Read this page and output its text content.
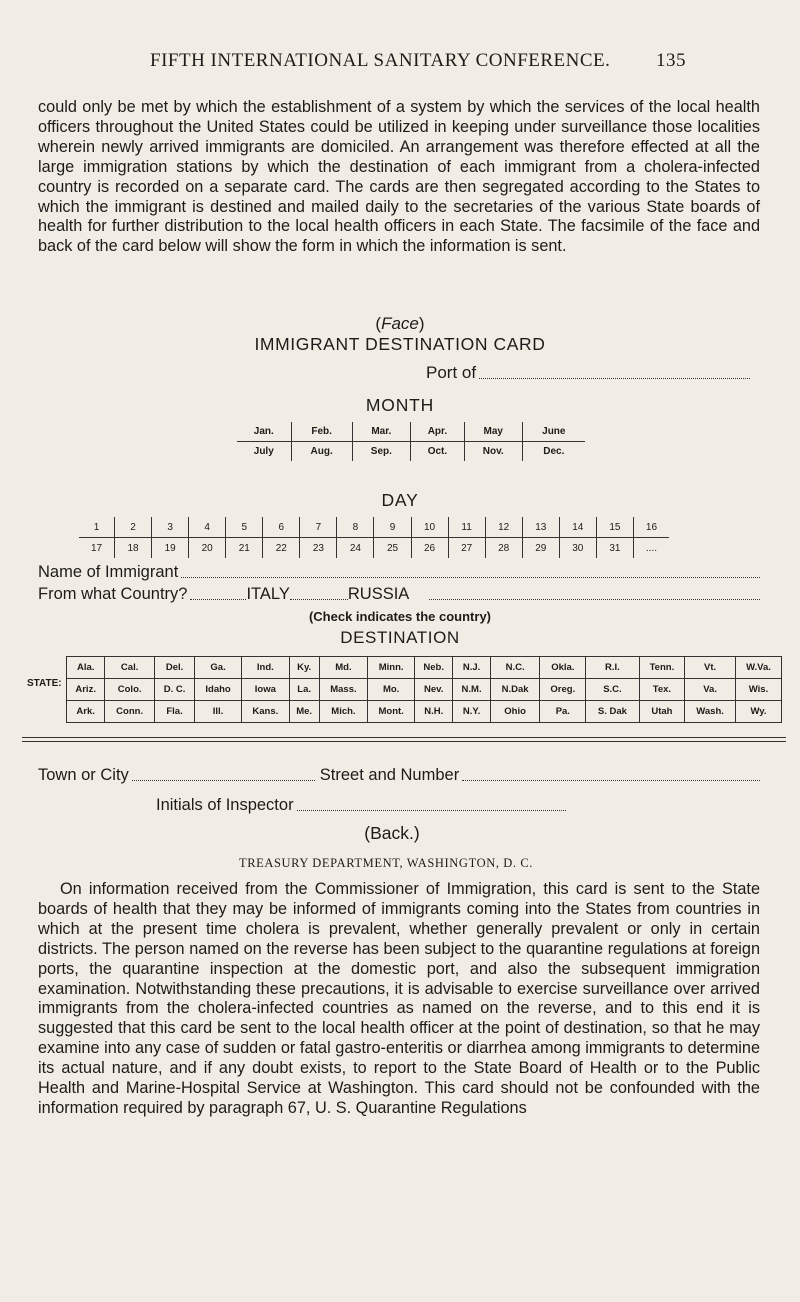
FIFTH INTERNATIONAL SANITARY CONFERENCE. 135
could only be met by which the establishment of a system by which the services of the local health officers throughout the United States could be utilized in keeping under surveillance those localities wherein newly arrived immigrants are domiciled. An arrangement was therefore effected at all the large immigration stations by which the destination of each immigrant from a cholera-infected country is recorded on a separate card. The cards are then segregated according to the States to which the immigrant is destined and mailed daily to the secretaries of the various State boards of health for further distribution to the local health officers in each State. The facsimile of the face and back of the card below will show the form in which the information is sent.
(Face)
IMMIGRANT DESTINATION CARD
Port of
MONTH
Jan.	Feb.	Mar.	Apr.	May	June
July	Aug.	Sep.	Oct.	Nov.	Dec.
DAY
1	2	3	4	5	6	7	8	9	10	11	12	13	14	15	16
17	18	19	20	21	22	23	24	25	26	27	28	29	30	31	....
Name of Immigrant
From what Country?	ITALY	RUSSIA
(Check indicates the country)
DESTINATION
STATE:
Ala.	Cal.	Del.	Ga.	Ind.	Ky.	Md.	Minn.	Neb.	N.J.	N.C.	Okla.	R.I.	Tenn.	Vt.	W.Va.
Ariz.	Colo.	D. C.	Idaho	Iowa	La.	Mass.	Mo.	Nev.	N.M.	N.Dak	Oreg.	S.C.	Tex.	Va.	Wis.
Ark.	Conn.	Fla.	Ill.	Kans.	Me.	Mich.	Mont.	N.H.	N.Y.	Ohio	Pa.	S. Dak	Utah	Wash.	Wy.
Town or City	Street and Number
Initials of Inspector
(Back.)
TREASURY DEPARTMENT, WASHINGTON, D. C.
On information received from the Commissioner of Immigration, this card is sent to the State boards of health that they may be informed of immigrants coming into the States from countries in which at the present time cholera is prevalent, whether generally prevalent or only in certain districts. The person named on the reverse has been subject to the quarantine regulations at foreign ports, the quarantine inspection at the domestic port, and also the subsequent immigration examination. Notwithstanding these precautions, it is advisable to exercise surveillance over arrived immigrants from the cholera-infected countries as named on the reverse, and to this end it is suggested that this card be sent to the local health officer at the point of destination, so that he may examine into any case of sudden or fatal gastro-enteritis or diarrhea among immigrants to determine its actual nature, and if any doubt exists, to report to the State Board of Health or to the Public Health and Marine-Hospital Service at Washington. This card should not be confounded with the information required by paragraph 67, U. S. Quarantine Regulations
